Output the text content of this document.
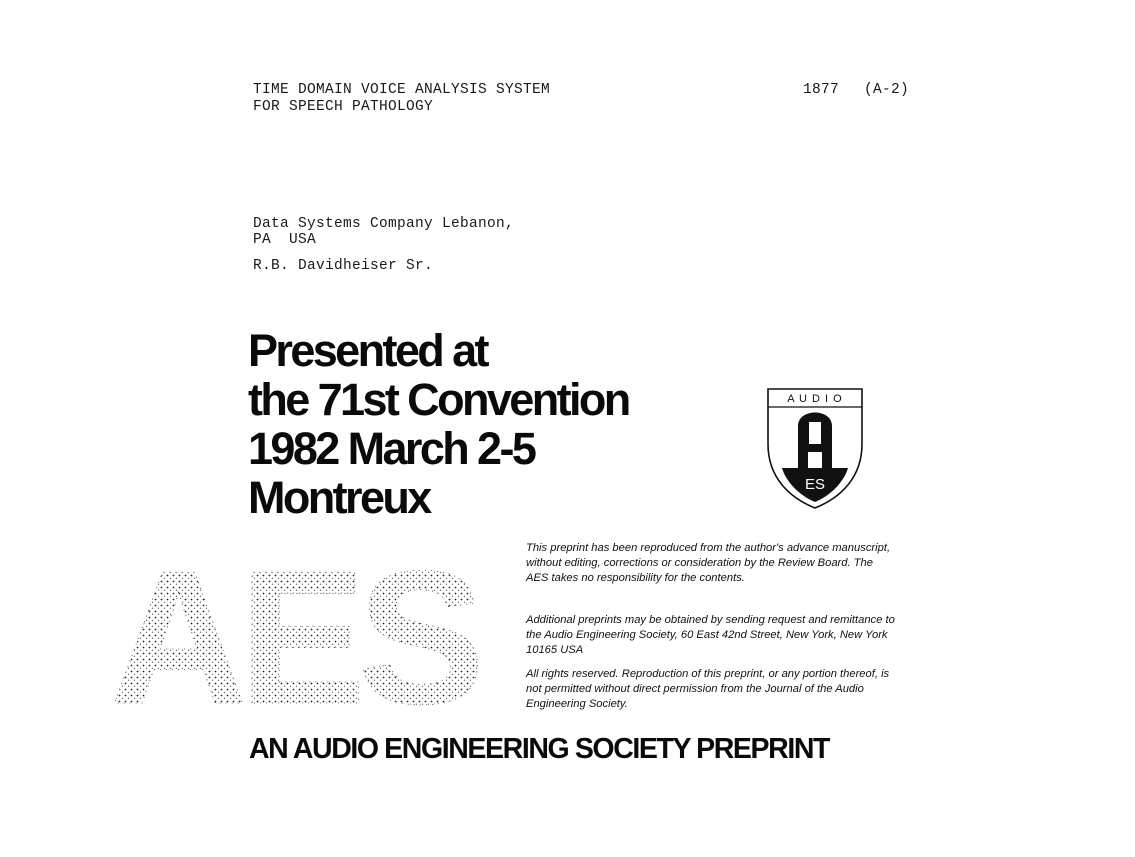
TIME DOMAIN VOICE ANALYSIS SYSTEM
FOR SPEECH PATHOLOGY
1877 (A-2)
Data Systems Company Lebanon,
PA  USA
R.B. Davidheiser Sr.
Presented at
the 71st Convention
1982 March 2-5
Montreux
A U D I O
ES
AES	This preprint has been reproduced from the author's advance manuscript, without editing, corrections or consideration by the Review Board. The AES takes no responsibility for the contents.
Additional preprints may be obtained by sending request and remittance to the Audio Engineering Society, 60 East 42nd Street, New York, New York 10165 USA
All rights reserved. Reproduction of this preprint, or any portion thereof, is not permitted without direct permission from the Journal of the Audio Engineering Society.
AN AUDIO ENGINEERING SOCIETY PREPRINT
